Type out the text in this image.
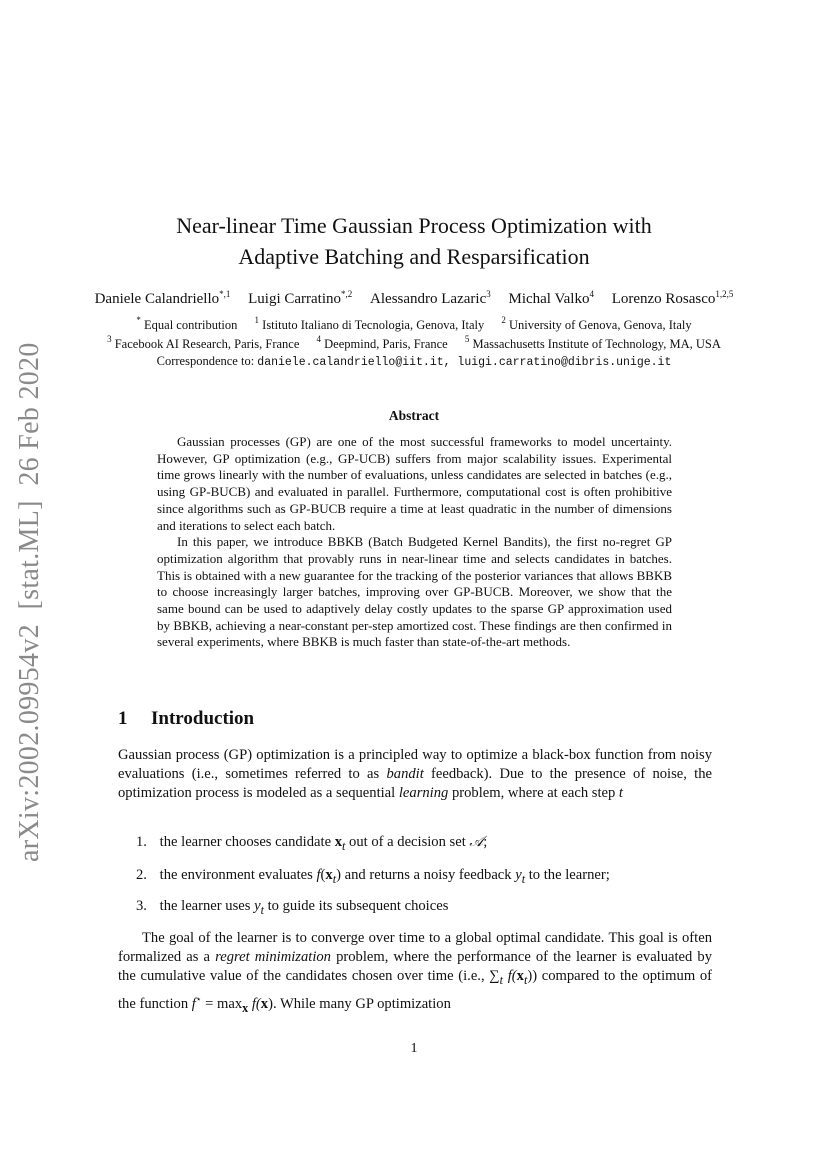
arXiv:2002.09954v2  [stat.ML]  26 Feb 2020
Near-linear Time Gaussian Process Optimization with
Adaptive Batching and Resparsification
Daniele Calandriello$^{*,1}$ Luigi Carratino$^{*,2}$ Alessandro Lazaric$^3$ Michal Valko$^4$ Lorenzo Rosasco$^{1,2,5}$
* Equal contribution $^1$ Istituto Italiano di Tecnologia, Genova, Italy $^2$ University of Genova, Genova, Italy
$^3$ Facebook AI Research, Paris, France $^4$ Deepmind, Paris, France $^5$ Massachusetts Institute of Technology, MA, USA
Correspondence to: daniele.calandriello@iit.it, luigi.carratino@dibris.unige.it
Abstract

Gaussian processes (GP) are one of the most successful frameworks to model uncertainty. However, GP optimization (e.g., GP-UCB) suffers from major scalability issues. Experimental time grows linearly with the number of evaluations, unless candidates are selected in batches (e.g., using GP-BUCB) and evaluated in parallel. Furthermore, computational cost is often prohibitive since algorithms such as GP-BUCB require a time at least quadratic in the number of dimensions and iterations to select each batch.

In this paper, we introduce BBKB (Batch Budgeted Kernel Bandits), the first no-regret GP optimization algorithm that provably runs in near-linear time and selects candidates in batches. This is obtained with a new guarantee for the tracking of the posterior variances that allows BBKB to choose increasingly larger batches, improving over GP-BUCB. Moreover, we show that the same bound can be used to adaptively delay costly updates to the sparse GP approximation used by BBKB, achieving a near-constant per-step amortized cost. These findings are then confirmed in several experiments, where BBKB is much faster than state-of-the-art methods.

1 Introduction

Gaussian process (GP) optimization is a principled way to optimize a black-box function from noisy evaluations (i.e., sometimes referred to as bandit feedback). Due to the presence of noise, the optimization process is modeled as a sequential learning problem, where at each step t

1. the learner chooses candidate $x_t$ out of a decision set 𝒜;
2. the environment evaluates $f(x_t)$ and returns a noisy feedback $y_t$ to the learner;
3. the learner uses $y_t$ to guide its subsequent choices

The goal of the learner is to converge over time to a global optimal candidate. This goal is often formalized as a regret minimization problem, where the performance of the learner is evaluated by the cumulative value of the candidates chosen over time (i.e., $\sum_t$ $f(x_t)$) compared to the optimum of the function $f^⋆ = \max_x f(x)$. While many GP optimization

1
